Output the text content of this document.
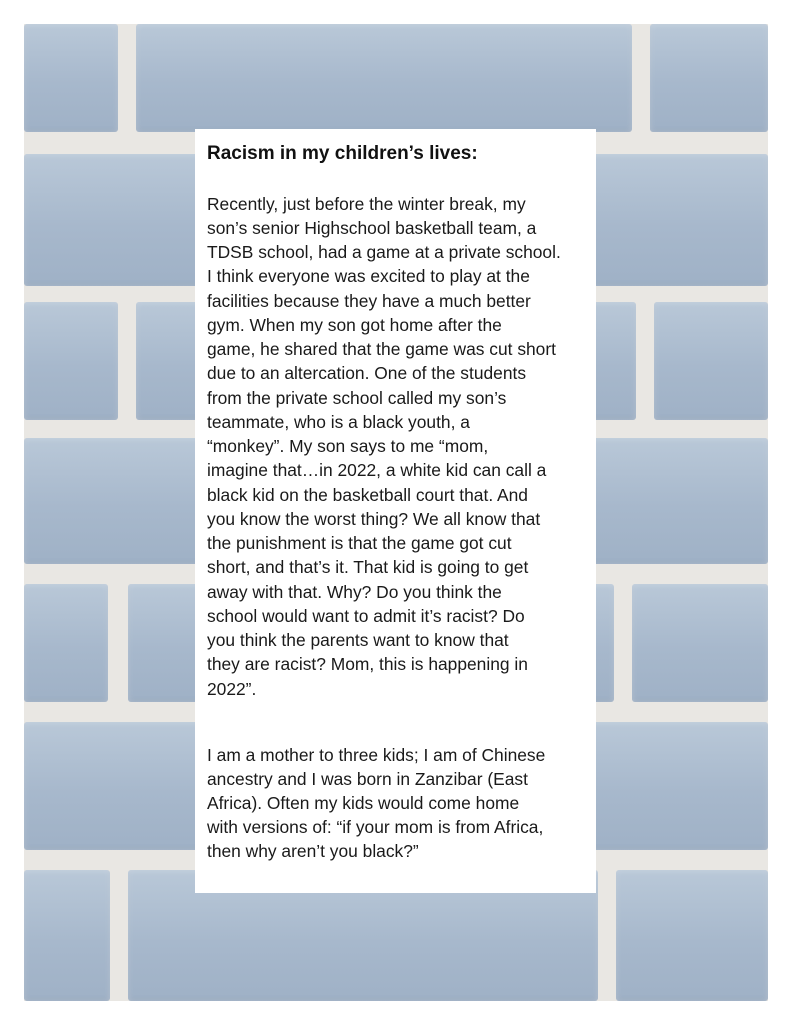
Racism in my children’s lives:

Recently, just before the winter break, my

son’s senior Highschool basketball team, a

TDSB school, had a game at a private school.

I think everyone was excited to play at the

facilities because they have a much better

gym. When my son got home after the

game, he shared that the game was cut short

due to an altercation. One of the students

from the private school called my son’s

teammate, who is a black youth, a

“monkey”. My son says to me “mom,

imagine that…in 2022, a white kid can call a

black kid on the basketball court that. And

you know the worst thing? We all know that

the punishment is that the game got cut

short, and that’s it. That kid is going to get

away with that. Why? Do you think the

school would want to admit it’s racist? Do

you think the parents want to know that

they are racist? Mom, this is happening in

2022”.

I am a mother to three kids; I am of Chinese

ancestry and I was born in Zanzibar (East

Africa). Often my kids would come home

with versions of: “if your mom is from Africa,

then why aren’t you black?”
